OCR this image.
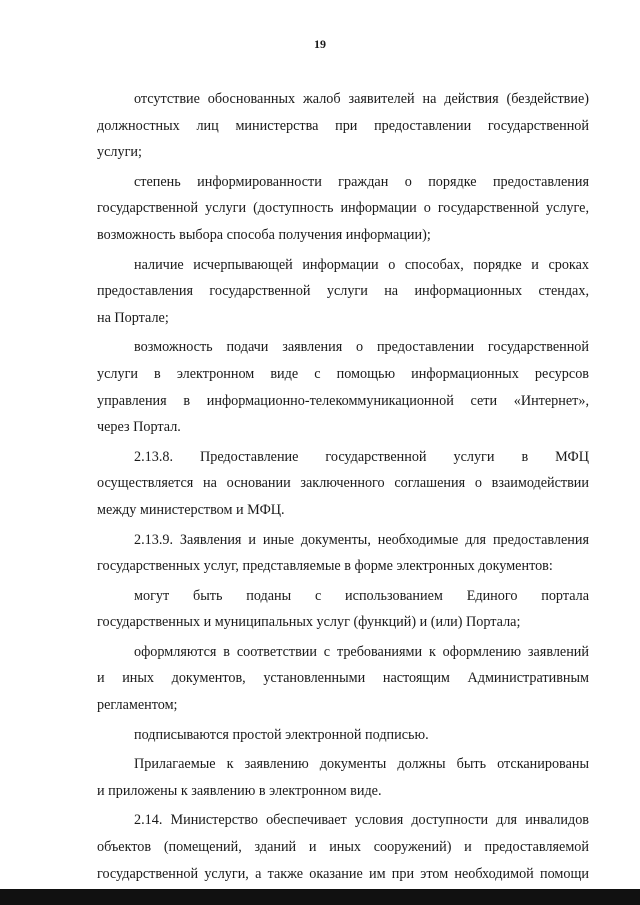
19
отсутствие обоснованных жалоб заявителей на действия (бездействие)
должностных лиц министерства при предоставлении государственной
услуги;
степень информированности граждан о порядке предоставления
государственной услуги (доступность информации о государственной услуге,
возможность выбора способа получения информации);
наличие исчерпывающей информации о способах, порядке и сроках
предоставления государственной услуги на информационных стендах,
на Портале;
возможность подачи заявления о предоставлении государственной
услуги в электронном виде с помощью информационных ресурсов
управления в информационно-телекоммуникационной сети «Интернет»,
через Портал.
2.13.8. Предоставление государственной услуги в МФЦ
осуществляется на основании заключенного соглашения о взаимодействии
между министерством и МФЦ.
2.13.9. Заявления и иные документы, необходимые для предоставления
государственных услуг, представляемые в форме электронных документов:
могут быть поданы с использованием Единого портала
государственных и муниципальных услуг (функций) и (или) Портала;
оформляются в соответствии с требованиями к оформлению заявлений
и иных документов, установленными настоящим Административным
регламентом;
подписываются простой электронной подписью.
Прилагаемые к заявлению документы должны быть отсканированы
и приложены к заявлению в электронном виде.
2.14. Министерство обеспечивает условия доступности для инвалидов
объектов (помещений, зданий и иных сооружений) и предоставляемой
государственной услуги, а также оказание им при этом необходимой помощи
